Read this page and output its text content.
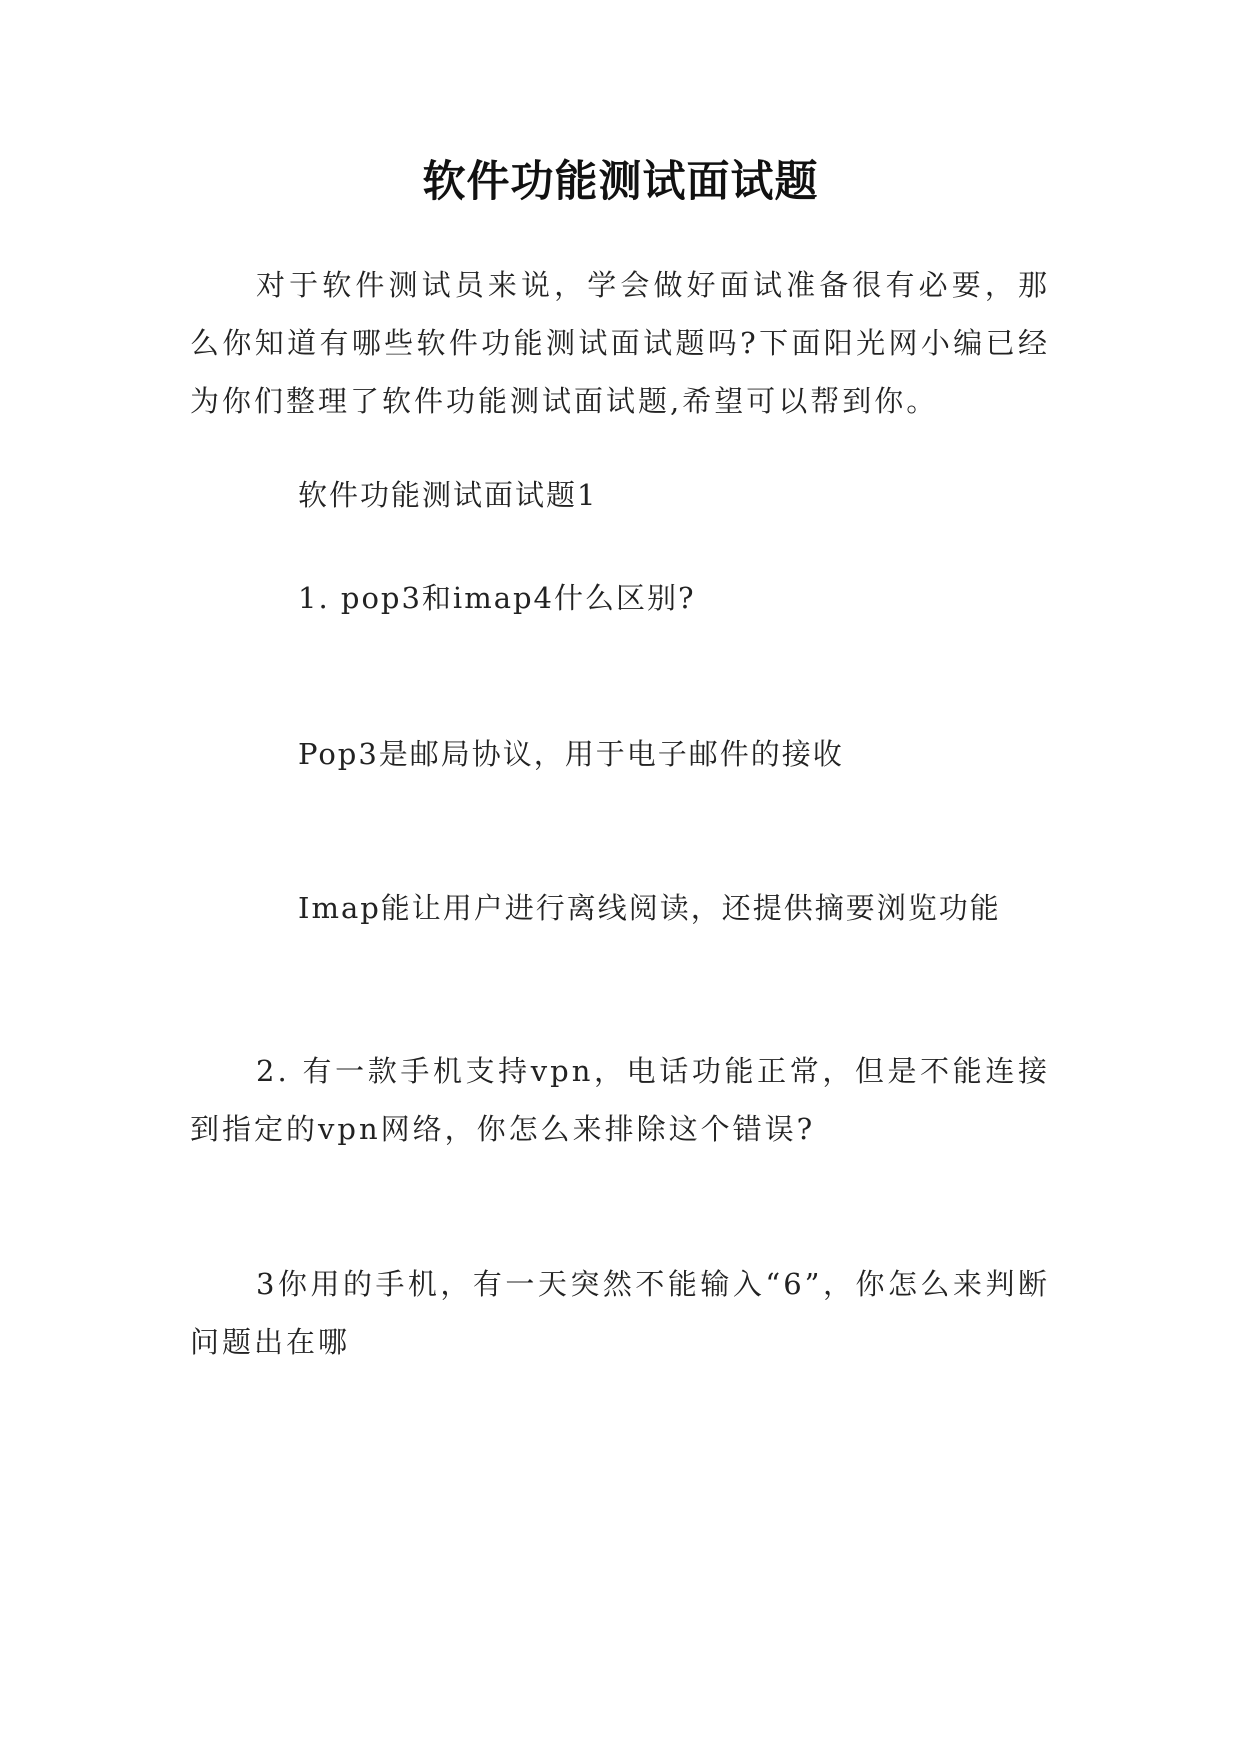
软件功能测试面试题
对于软件测试员来说，学会做好面试准备很有必要，那么你知道有哪些软件功能测试面试题吗?下面阳光网小编已经为你们整理了软件功能测试面试题,希望可以帮到你。
软件功能测试面试题1
1. pop3和imap4什么区别?
Pop3是邮局协议，用于电子邮件的接收
Imap能让用户进行离线阅读，还提供摘要浏览功能
2. 有一款手机支持vpn，电话功能正常，但是不能连接到指定的vpn网络，你怎么来排除这个错误?
3你用的手机，有一天突然不能输入“6”，你怎么来判断问题出在哪
